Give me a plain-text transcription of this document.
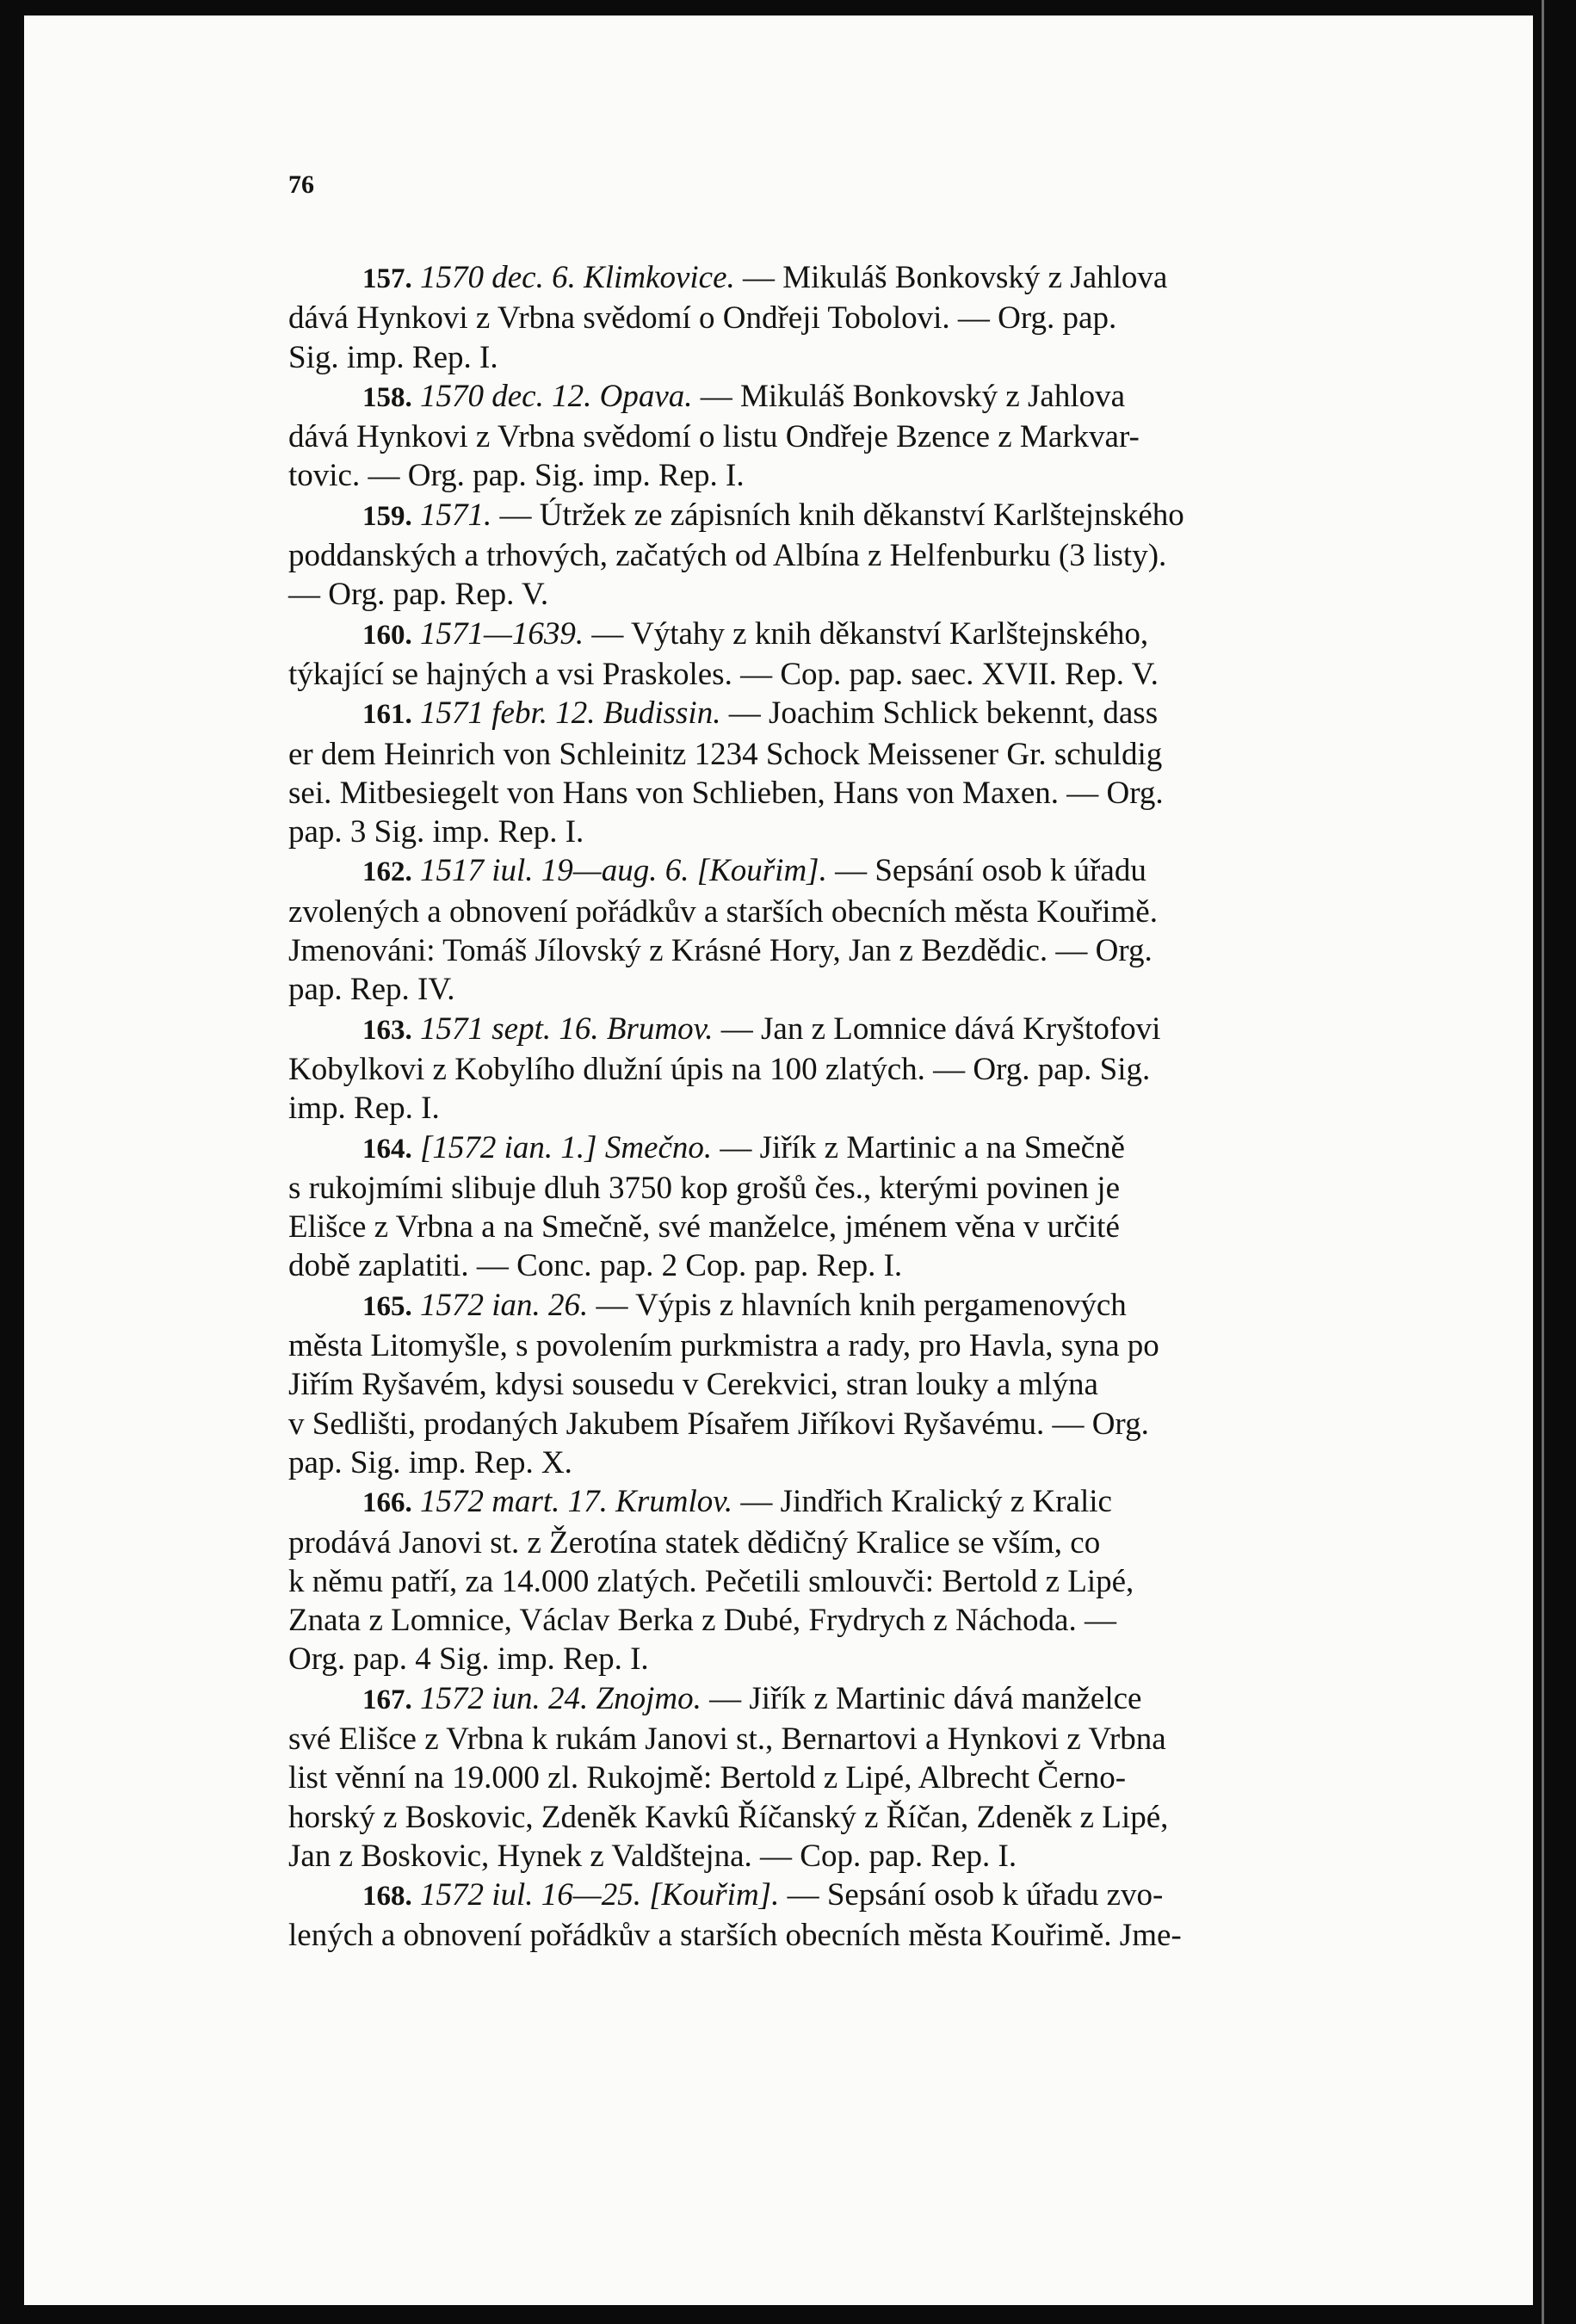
76

157. 1570 dec. 6. Klimkovice. — Mikuláš Bonkovský z Jahlova
dává Hynkovi z Vrbna svědomí o Ondřeji Tobolovi. — Org. pap.
Sig. imp. Rep. I.

158. 1570 dec. 12. Opava. — Mikuláš Bonkovský z Jahlova
dává Hynkovi z Vrbna svědomí o listu Ondřeje Bzence z Markvar-
tovic. — Org. pap. Sig. imp. Rep. I.

159. 1571. — Útržek ze zápisních knih děkanství Karlštejnského
poddanských a trhových, začatých od Albína z Helfenburku (3 listy).
— Org. pap. Rep. V.

160. 1571—1639. — Výtahy z knih děkanství Karlštejnského,
týkající se hajných a vsi Praskoles. — Cop. pap. saec. XVII. Rep. V.

161. 1571 febr. 12. Budissin. — Joachim Schlick bekennt, dass
er dem Heinrich von Schleinitz 1234 Schock Meissener Gr. schuldig
sei. Mitbesiegelt von Hans von Schlieben, Hans von Maxen. — Org.
pap. 3 Sig. imp. Rep. I.

162. 1517 iul. 19—aug. 6. [Kouřim]. — Sepsání osob k úřadu
zvolených a obnovení pořádkův a starších obecních města Kouřimě.
Jmenováni: Tomáš Jílovský z Krásné Hory, Jan z Bezdědic. — Org.
pap. Rep. IV.

163. 1571 sept. 16. Brumov. — Jan z Lomnice dává Kryštofovi
Kobylkovi z Kobylího dlužní úpis na 100 zlatých. — Org. pap. Sig.
imp. Rep. I.

164. [1572 ian. 1.] Smečno. — Jiřík z Martinic a na Smečně
s rukojmími slibuje dluh 3750 kop grošů čes., kterými povinen je
Elišce z Vrbna a na Smečně, své manželce, jménem věna v určité
době zaplatiti. — Conc. pap. 2 Cop. pap. Rep. I.

165. 1572 ian. 26. — Výpis z hlavních knih pergamenových
města Litomyšle, s povolením purkmistra a rady, pro Havla, syna po
Jiřím Ryšavém, kdysi sousedu v Cerekvici, stran louky a mlýna
v Sedlišti, prodaných Jakubem Písařem Jiříkovi Ryšavému. — Org.
pap. Sig. imp. Rep. X.

166. 1572 mart. 17. Krumlov. — Jindřich Kralický z Kralic
prodává Janovi st. z Žerotína statek dědičný Kralice se vším, co
k němu patří, za 14.000 zlatých. Pečetili smlouvči: Bertold z Lipé,
Znata z Lomnice, Václav Berka z Dubé, Frydrych z Náchoda. —
Org. pap. 4 Sig. imp. Rep. I.

167. 1572 iun. 24. Znojmo. — Jiřík z Martinic dává manželce
své Elišce z Vrbna k rukám Janovi st., Bernartovi a Hynkovi z Vrbna
list věnní na 19.000 zl. Rukojmě: Bertold z Lipé, Albrecht Černo-
horský z Boskovic, Zdeněk Kavkû Říčanský z Říčan, Zdeněk z Lipé,
Jan z Boskovic, Hynek z Valdštejna. — Cop. pap. Rep. I.

168. 1572 iul. 16—25. [Kouřim]. — Sepsání osob k úřadu zvo-
lených a obnovení pořádkův a starších obecních města Kouřimě. Jme-
